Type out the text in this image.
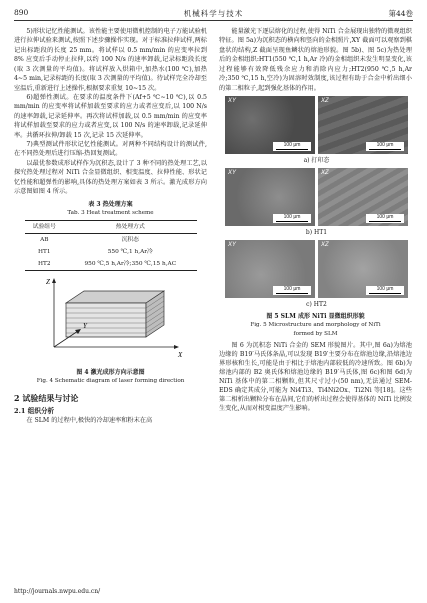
890	机械科学与技术	第44卷

5)形状记忆性能测试。该性能主要使用微机控制的电子万能试验机进行拉伸试验来测试,按照下述步骤操作实现。对于标准拉伸试样,两标记出标距段的长度 25 mm。将试样以 0.5 mm/min 的应变率拉到 8% 应变后手动停止拉伸,以约 100 N/s 的速率卸载,记录标距段长度(取 3 次测量的平均值)。将试样放入烘箱中,加热水(100 ℃),加热 4~5 min,记录标距的长度(取 3 次测量的平均值)。待试样完全冷却至室温后,重新进行上述操作,根据要求重复 10~15 次。

6)超弹性测试。在要求的温度条件下(Af+5 ℃~10 ℃),以 0.5 mm/min 的应变率将试样加载至要求的应力或者应变后,以 100 N/s 的速率卸载,记录延伸率。再次将试样加载,以 0.5 mm/min 的应变率将试样加载至要求的应力或者应变,以 100 N/s 的速率卸载,记录延伸率。共循环拉伸/卸载 15 次,记录 15 次延伸率。

7)典型测试件形状记忆性能测试。对两种不同结构设计的测试件,在不同热处理后进行压缩-热回复测试。

以最优参数成形试样作为沉积态,设计了 3 种不同的热处理工艺,以探究热处理过程对 NiTi 合金显微组织、相变温度、拉伸性能、形状记忆性能和超弹性的影响,具体的热处理方案如表 3 所示。激光成形方向示意图如图 4 所示。

表 3 热处理方案
Tab. 3 Heat treatment scheme
试验组号	热处理方式
AB	沉积态
HT1	550 ℃,1 h,Ar冷
HT2	950 ℃,5 h,Ar冷;350 ℃,15 h,AC
Z
X
Y
图 4 激光成形方向示意图
Fig. 4 Schematic diagram of laser forming direction
2 试验结果与讨论
2.1 组织分析

在 SLM 的过程中,极快的冷却速率和粉末在高

能量激光下逐层熔化的过程,使得 NiTi 合金展现出独特的微观组织特征。图 5a)为沉积态的横向和竖向的金相照片,XY 截面可以观察到棋盘状的结构,Z 截面呈现鱼鳞状的熔池形貌。图 5b)、图 5c)为热处理后的金相组织:HT1(550 ℃,1 h,Ar 冷)的金相组织未发生明显变化,该过程能够有效降低残余应力和消除内应力;HT2(950 ℃,5 h,Ar 冷;350 ℃,15 h,空冷)为固溶时效制度,该过程有助于合金中析出细小的第二相粒子,起到强化基体的作用。

XY
100 μm
XZ
100 μm
a) 打印态
XY
100 μm
XZ
100 μm
b) HT1
XY
100 μm
XZ
100 μm
c) HT2
图 5 SLM 成形 NiTi 显微组织形貌
Fig. 5 Microstructure and morphology of NiTi
formed by SLM

图 6 为沉积态 NiTi 合金的 SEM 形貌图片。其中,图 6a)为熔池边缘的 B19′马氏体条晶,可以发现 B19′主要分布在熔池边缘,沿熔池边界形核和生长,可能是由于相比于熔池内部较低的冷速所致。图 6b)为熔池内部的 B2 奥氏体和熔池边缘的 B19′马氏体,图 6c)和图 6d)为 NiTi 基体中的第二相颗粒,但其尺寸过小(50 nm),无法通过 SEM-EDS 确定其成分,可能为 Ni4Ti3、Ti4Ni2Ox、Ti2Ni 等[18]。这些第二相析出颗粒分布在晶间,它们的析出过程会使得基体的 NiTi 比例发生变化,从而对相变温度产生影响。

http://journals.nwpu.edu.cn/
